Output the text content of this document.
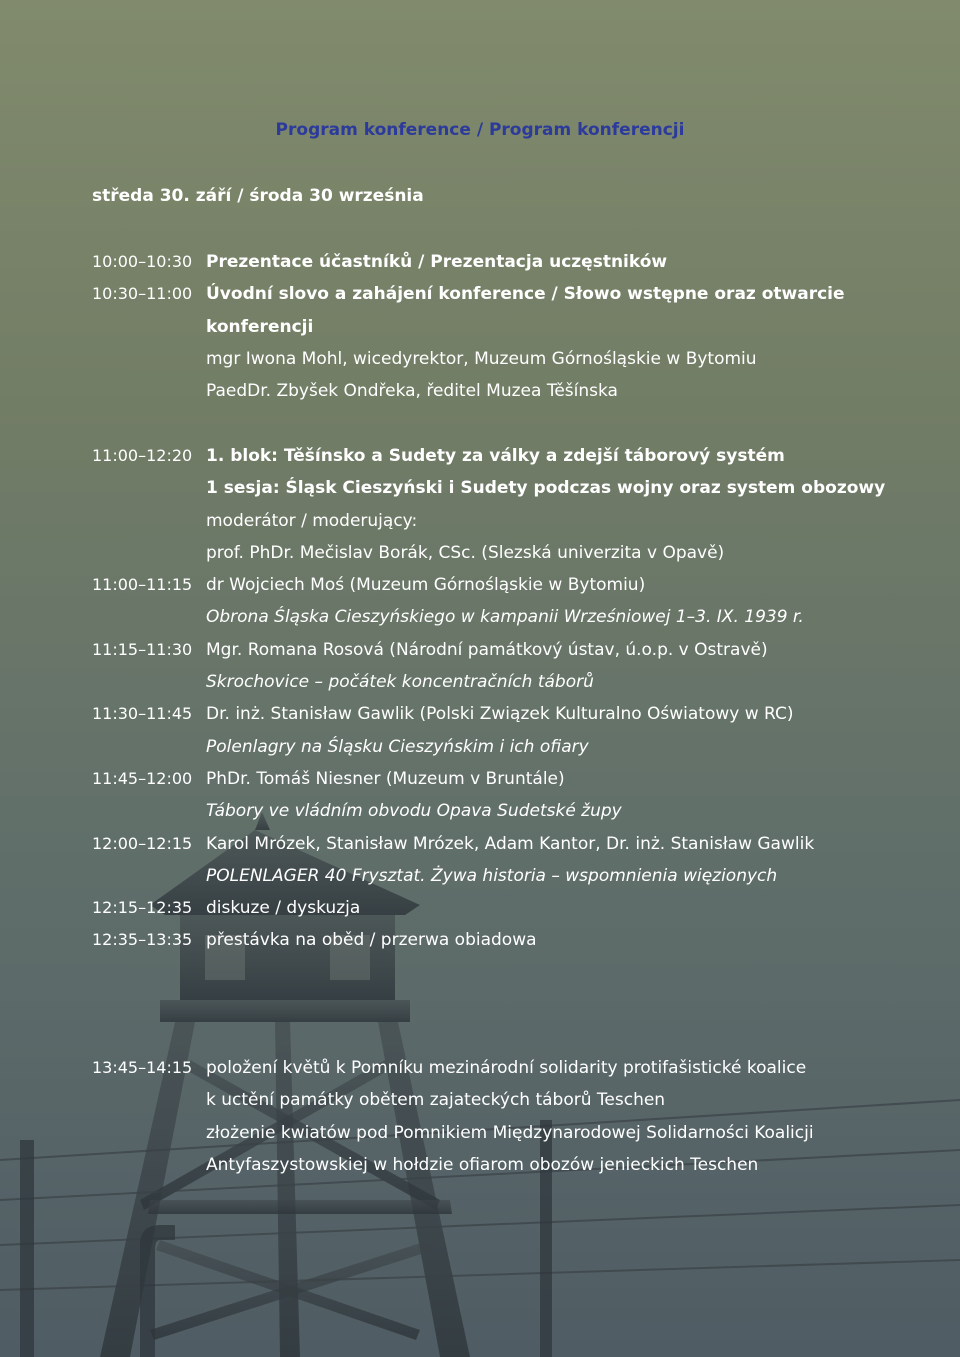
Program konference / Program konferencji
středa 30. září / środa 30 września
10:00–10:30 Prezentace účastníků / Prezentacja uczęstników
10:30–11:00 Úvodní slovo a zahájení konference / Słowo wstępne oraz otwarcie
konferencji
mgr Iwona Mohl, wicedyrektor, Muzeum Górnośląskie w Bytomiu
PaedDr. Zbyšek Ondřeka, ředitel Muzea Těšínska
11:00–12:20 1. blok: Těšínsko a Sudety za války a zdejší táborový systém
1 sesja: Śląsk Cieszyński i Sudety podczas wojny oraz system obozowy
moderátor / moderujący:
prof. PhDr. Mečislav Borák, CSc. (Slezská univerzita v Opavě)
11:00–11:15 dr Wojciech Moś (Muzeum Górnośląskie w Bytomiu)
Obrona Śląska Cieszyńskiego w kampanii Wrześniowej 1–3. IX. 1939 r.
11:15–11:30 Mgr. Romana Rosová (Národní památkový ústav, ú.o.p. v Ostravě)
Skrochovice – počátek koncentračních táborů
11:30–11:45 Dr. inż. Stanisław Gawlik (Polski Związek Kulturalno Oświatowy w RC)
Polenlagry na Śląsku Cieszyńskim i ich ofiary
11:45–12:00 PhDr. Tomáš Niesner (Muzeum v Bruntále)
Tábory ve vládním obvodu Opava Sudetské župy
12:00–12:15 Karol Mrózek, Stanisław Mrózek, Adam Kantor, Dr. inż. Stanisław Gawlik
POLENLAGER 40 Frysztat. Żywa historia – wspomnienia więzionych
12:15–12:35 diskuze / dyskuzja
12:35–13:35 přestávka na oběd / przerwa obiadowa
13:45–14:15 položení květů k Pomníku mezinárodní solidarity protifašistické koalice
k uctění památky obětem zajateckých táborů Teschen
złożenie kwiatów pod Pomnikiem Międzynarodowej Solidarności Koalicji
Antyfaszystowskiej w hołdzie ofiarom obozów jenieckich Teschen
